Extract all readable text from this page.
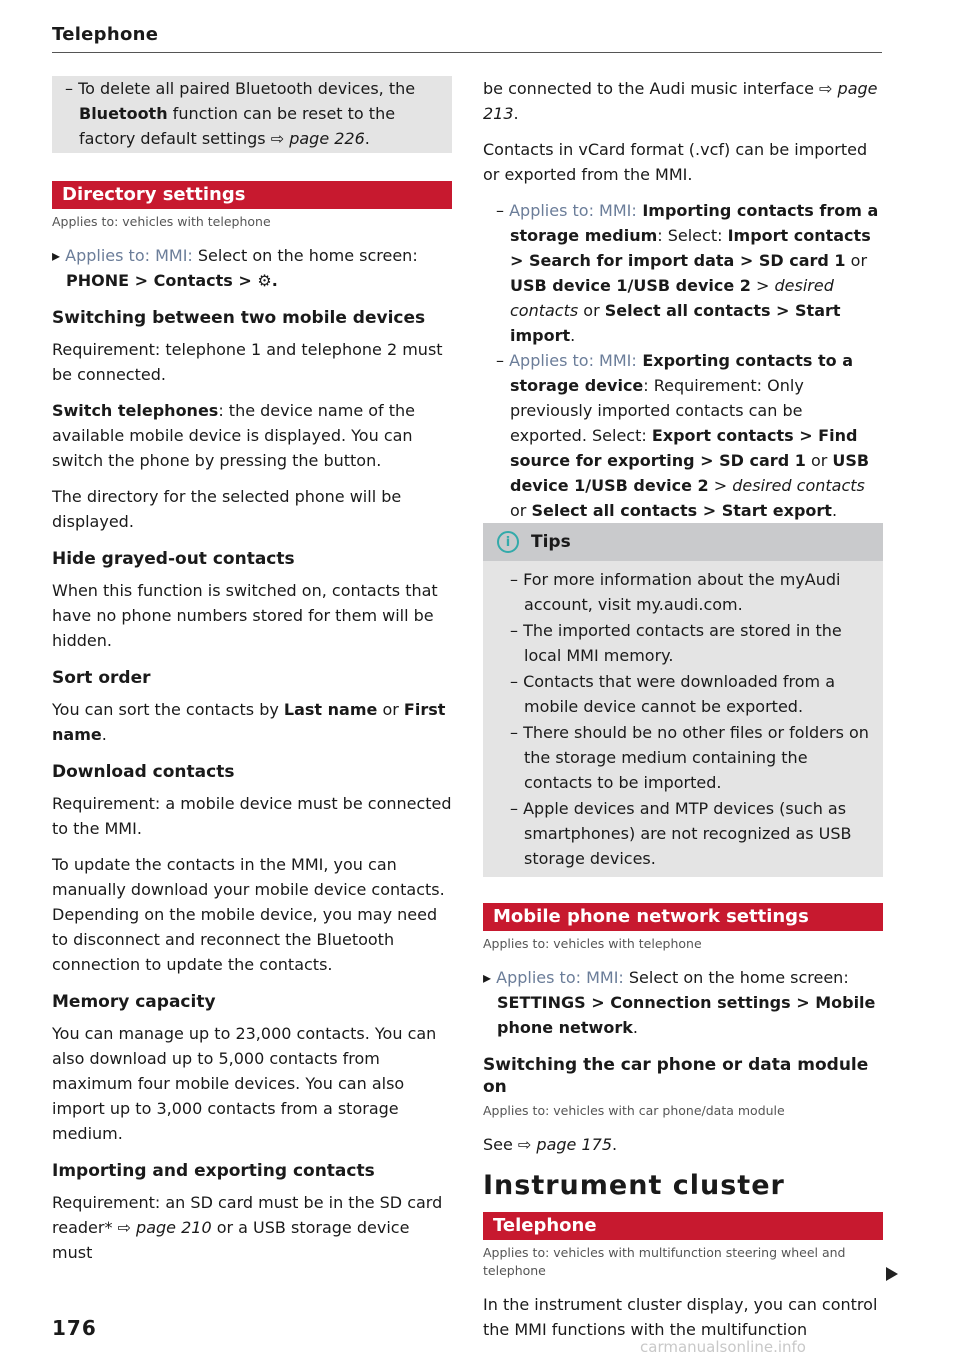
Telephone

– To delete all paired Bluetooth devices, the Bluetooth function can be reset to the factory default settings ⇨ page 226.

Directory settings
Applies to: vehicles with telephone

▸ Applies to: MMI: Select on the home screen: PHONE > Contacts > ⚙.

Switching between two mobile devices

Requirement: telephone 1 and telephone 2 must be connected.

Switch telephones: the device name of the available mobile device is displayed. You can switch the phone by pressing the button.

The directory for the selected phone will be displayed.

Hide grayed-out contacts

When this function is switched on, contacts that have no phone numbers stored for them will be hidden.

Sort order

You can sort the contacts by Last name or First name.

Download contacts

Requirement: a mobile device must be connected to the MMI.

To update the contacts in the MMI, you can manually download your mobile device contacts. Depending on the mobile device, you may need to disconnect and reconnect the Bluetooth connection to update the contacts.

Memory capacity

You can manage up to 23,000 contacts. You can also download up to 5,000 contacts from maximum four mobile devices. You can also import up to 3,000 contacts from a storage medium.

Importing and exporting contacts

Requirement: an SD card must be in the SD card reader* ⇨ page 210 or a USB storage device must

be connected to the Audi music interface ⇨ page 213.

Contacts in vCard format (.vcf) can be imported or exported from the MMI.

– Applies to: MMI: Importing contacts from a storage medium: Select: Import contacts > Search for import data > SD card 1 or USB device 1/USB device 2 > desired contacts or Select all contacts > Start import.

– Applies to: MMI: Exporting contacts to a storage device: Requirement: Only previously imported contacts can be exported. Select: Export contacts > Find source for exporting > SD card 1 or USB device 1/USB device 2 > desired contacts or Select all contacts > Start export.

i	Tips

– For more information about the myAudi account, visit my.audi.com.

– The imported contacts are stored in the local MMI memory.

– Contacts that were downloaded from a mobile device cannot be exported.

– There should be no other files or folders on the storage medium containing the contacts to be imported.

– Apple devices and MTP devices (such as smartphones) are not recognized as USB storage devices.

Mobile phone network settings
Applies to: vehicles with telephone

▸ Applies to: MMI: Select on the home screen: SETTINGS > Connection settings > Mobile phone network.

Switching the car phone or data module on
Applies to: vehicles with car phone/data module

See ⇨ page 175.

Instrument cluster
Telephone
Applies to: vehicles with multifunction steering wheel and telephone

In the instrument cluster display, you can control the MMI functions with the multifunction

176
carmanualsonline.info
